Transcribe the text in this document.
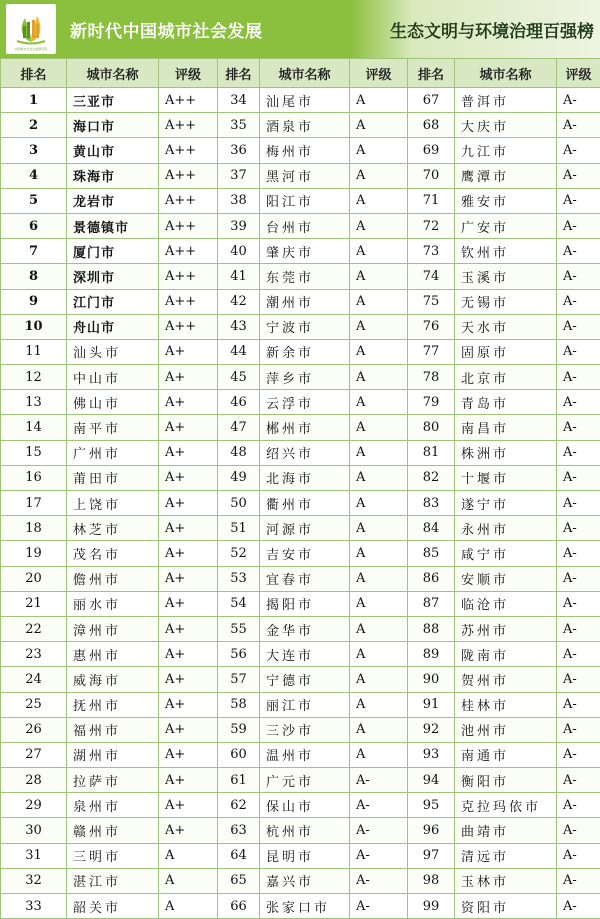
中国城市社会发展研究院
新时代中国城市社会发展	生态文明与环境治理百强榜
排名	城市名称	评级	排名	城市名称	评级	排名	城市名称	评级
1	三亚市	A++	34	汕尾市	A	67	普洱市	A-
2	海口市	A++	35	酒泉市	A	68	大庆市	A-
3	黄山市	A++	36	梅州市	A	69	九江市	A-
4	珠海市	A++	37	黑河市	A	70	鹰潭市	A-
5	龙岩市	A++	38	阳江市	A	71	雅安市	A-
6	景德镇市	A++	39	台州市	A	72	广安市	A-
7	厦门市	A++	40	肇庆市	A	73	钦州市	A-
8	深圳市	A++	41	东莞市	A	74	玉溪市	A-
9	江门市	A++	42	潮州市	A	75	无锡市	A-
10	舟山市	A++	43	宁波市	A	76	天水市	A-
11	汕头市	A+	44	新余市	A	77	固原市	A-
12	中山市	A+	45	萍乡市	A	78	北京市	A-
13	佛山市	A+	46	云浮市	A	79	青岛市	A-
14	南平市	A+	47	郴州市	A	80	南昌市	A-
15	广州市	A+	48	绍兴市	A	81	株洲市	A-
16	莆田市	A+	49	北海市	A	82	十堰市	A-
17	上饶市	A+	50	衢州市	A	83	遂宁市	A-
18	林芝市	A+	51	河源市	A	84	永州市	A-
19	茂名市	A+	52	吉安市	A	85	咸宁市	A-
20	儋州市	A+	53	宜春市	A	86	安顺市	A-
21	丽水市	A+	54	揭阳市	A	87	临沧市	A-
22	漳州市	A+	55	金华市	A	88	苏州市	A-
23	惠州市	A+	56	大连市	A	89	陇南市	A-
24	威海市	A+	57	宁德市	A	90	贺州市	A-
25	抚州市	A+	58	丽江市	A	91	桂林市	A-
26	福州市	A+	59	三沙市	A	92	池州市	A-
27	湖州市	A+	60	温州市	A	93	南通市	A-
28	拉萨市	A+	61	广元市	A-	94	衡阳市	A-
29	泉州市	A+	62	保山市	A-	95	克拉玛依市	A-
30	赣州市	A+	63	杭州市	A-	96	曲靖市	A-
31	三明市	A	64	昆明市	A-	97	清远市	A-
32	湛江市	A	65	嘉兴市	A-	98	玉林市	A-
33	韶关市	A	66	张家口市	A-	99	资阳市	A-
